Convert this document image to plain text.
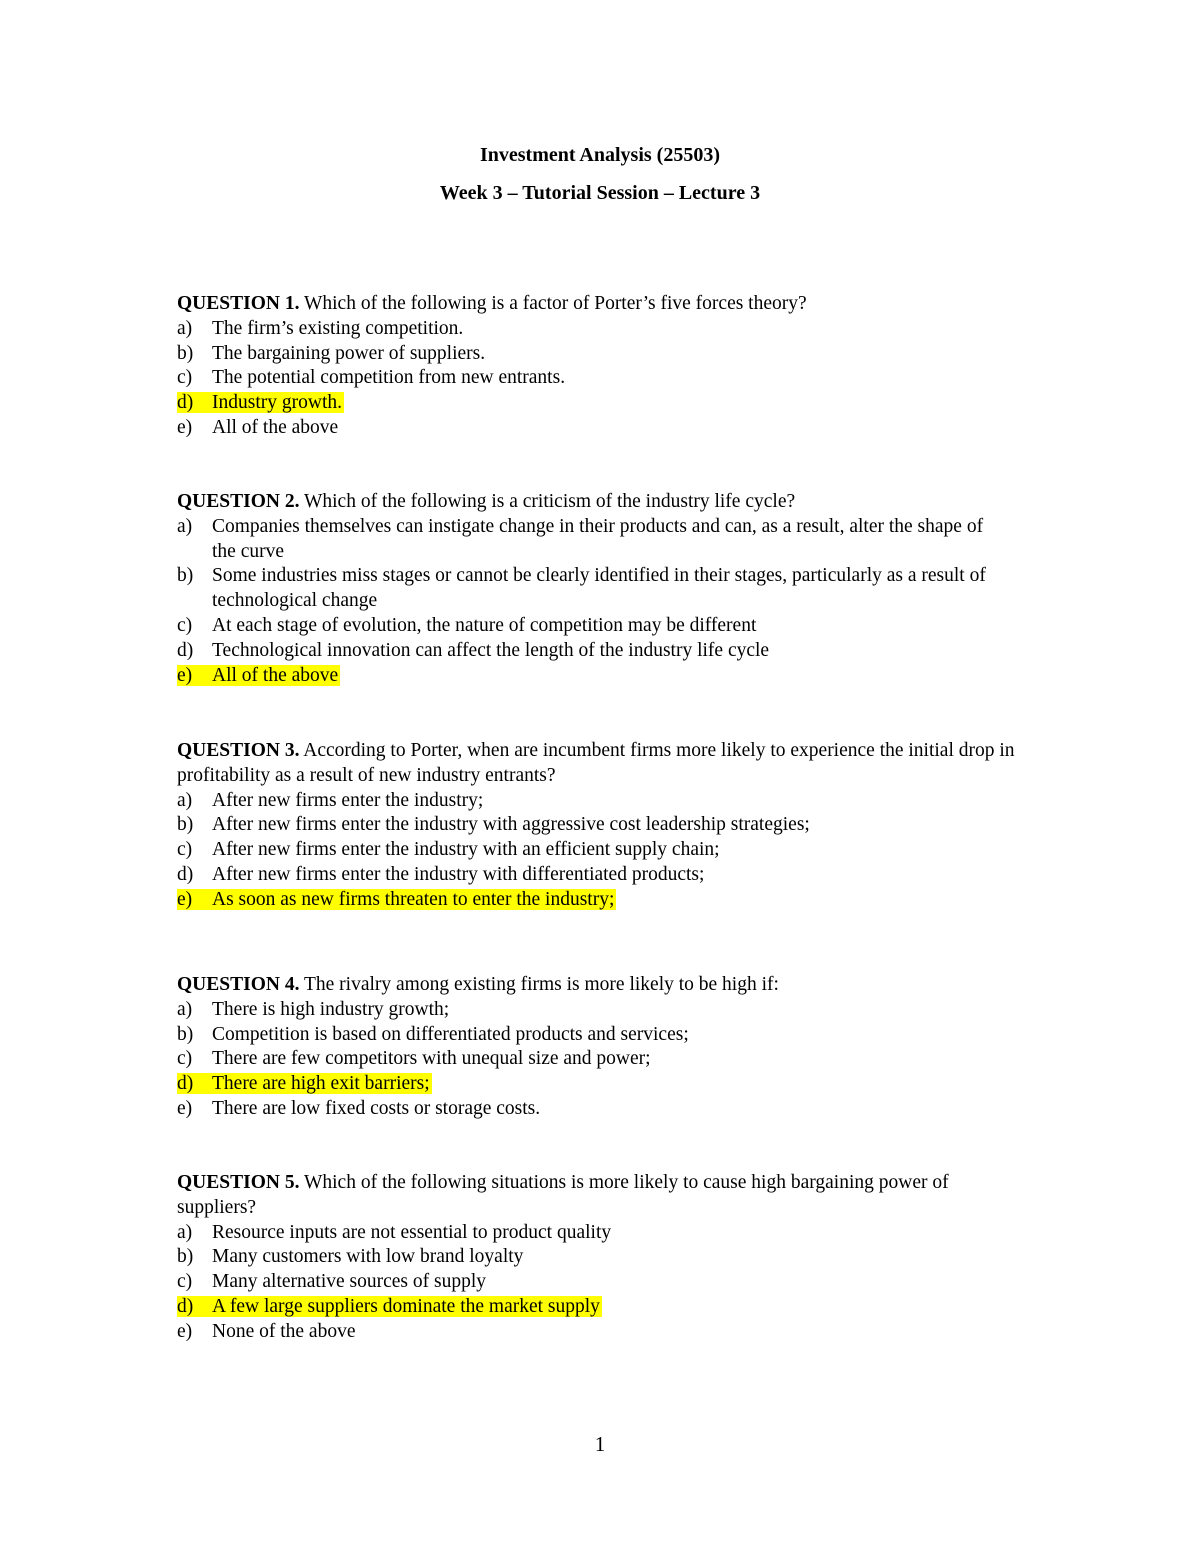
Investment Analysis (25503)
Week 3 – Tutorial Session – Lecture 3
QUESTION 1. Which of the following is a factor of Porter’s five forces theory?
a) The firm’s existing competition.
b) The bargaining power of suppliers.
c) The potential competition from new entrants.
d) Industry growth.
e) All of the above
QUESTION 2. Which of the following is a criticism of the industry life cycle?
a) Companies themselves can instigate change in their products and can, as a result, alter the shape of the curve
b) Some industries miss stages or cannot be clearly identified in their stages, particularly as a result of technological change
c) At each stage of evolution, the nature of competition may be different
d) Technological innovation can affect the length of the industry life cycle
e) All of the above
QUESTION 3. According to Porter, when are incumbent firms more likely to experience the initial drop in profitability as a result of new industry entrants?
a) After new firms enter the industry;
b) After new firms enter the industry with aggressive cost leadership strategies;
c) After new firms enter the industry with an efficient supply chain;
d) After new firms enter the industry with differentiated products;
e) As soon as new firms threaten to enter the industry;
QUESTION 4. The rivalry among existing firms is more likely to be high if:
a) There is high industry growth;
b) Competition is based on differentiated products and services;
c) There are few competitors with unequal size and power;
d) There are high exit barriers;
e) There are low fixed costs or storage costs.
QUESTION 5. Which of the following situations is more likely to cause high bargaining power of suppliers?
a) Resource inputs are not essential to product quality
b) Many customers with low brand loyalty
c) Many alternative sources of supply
d) A few large suppliers dominate the market supply
e) None of the above
1
